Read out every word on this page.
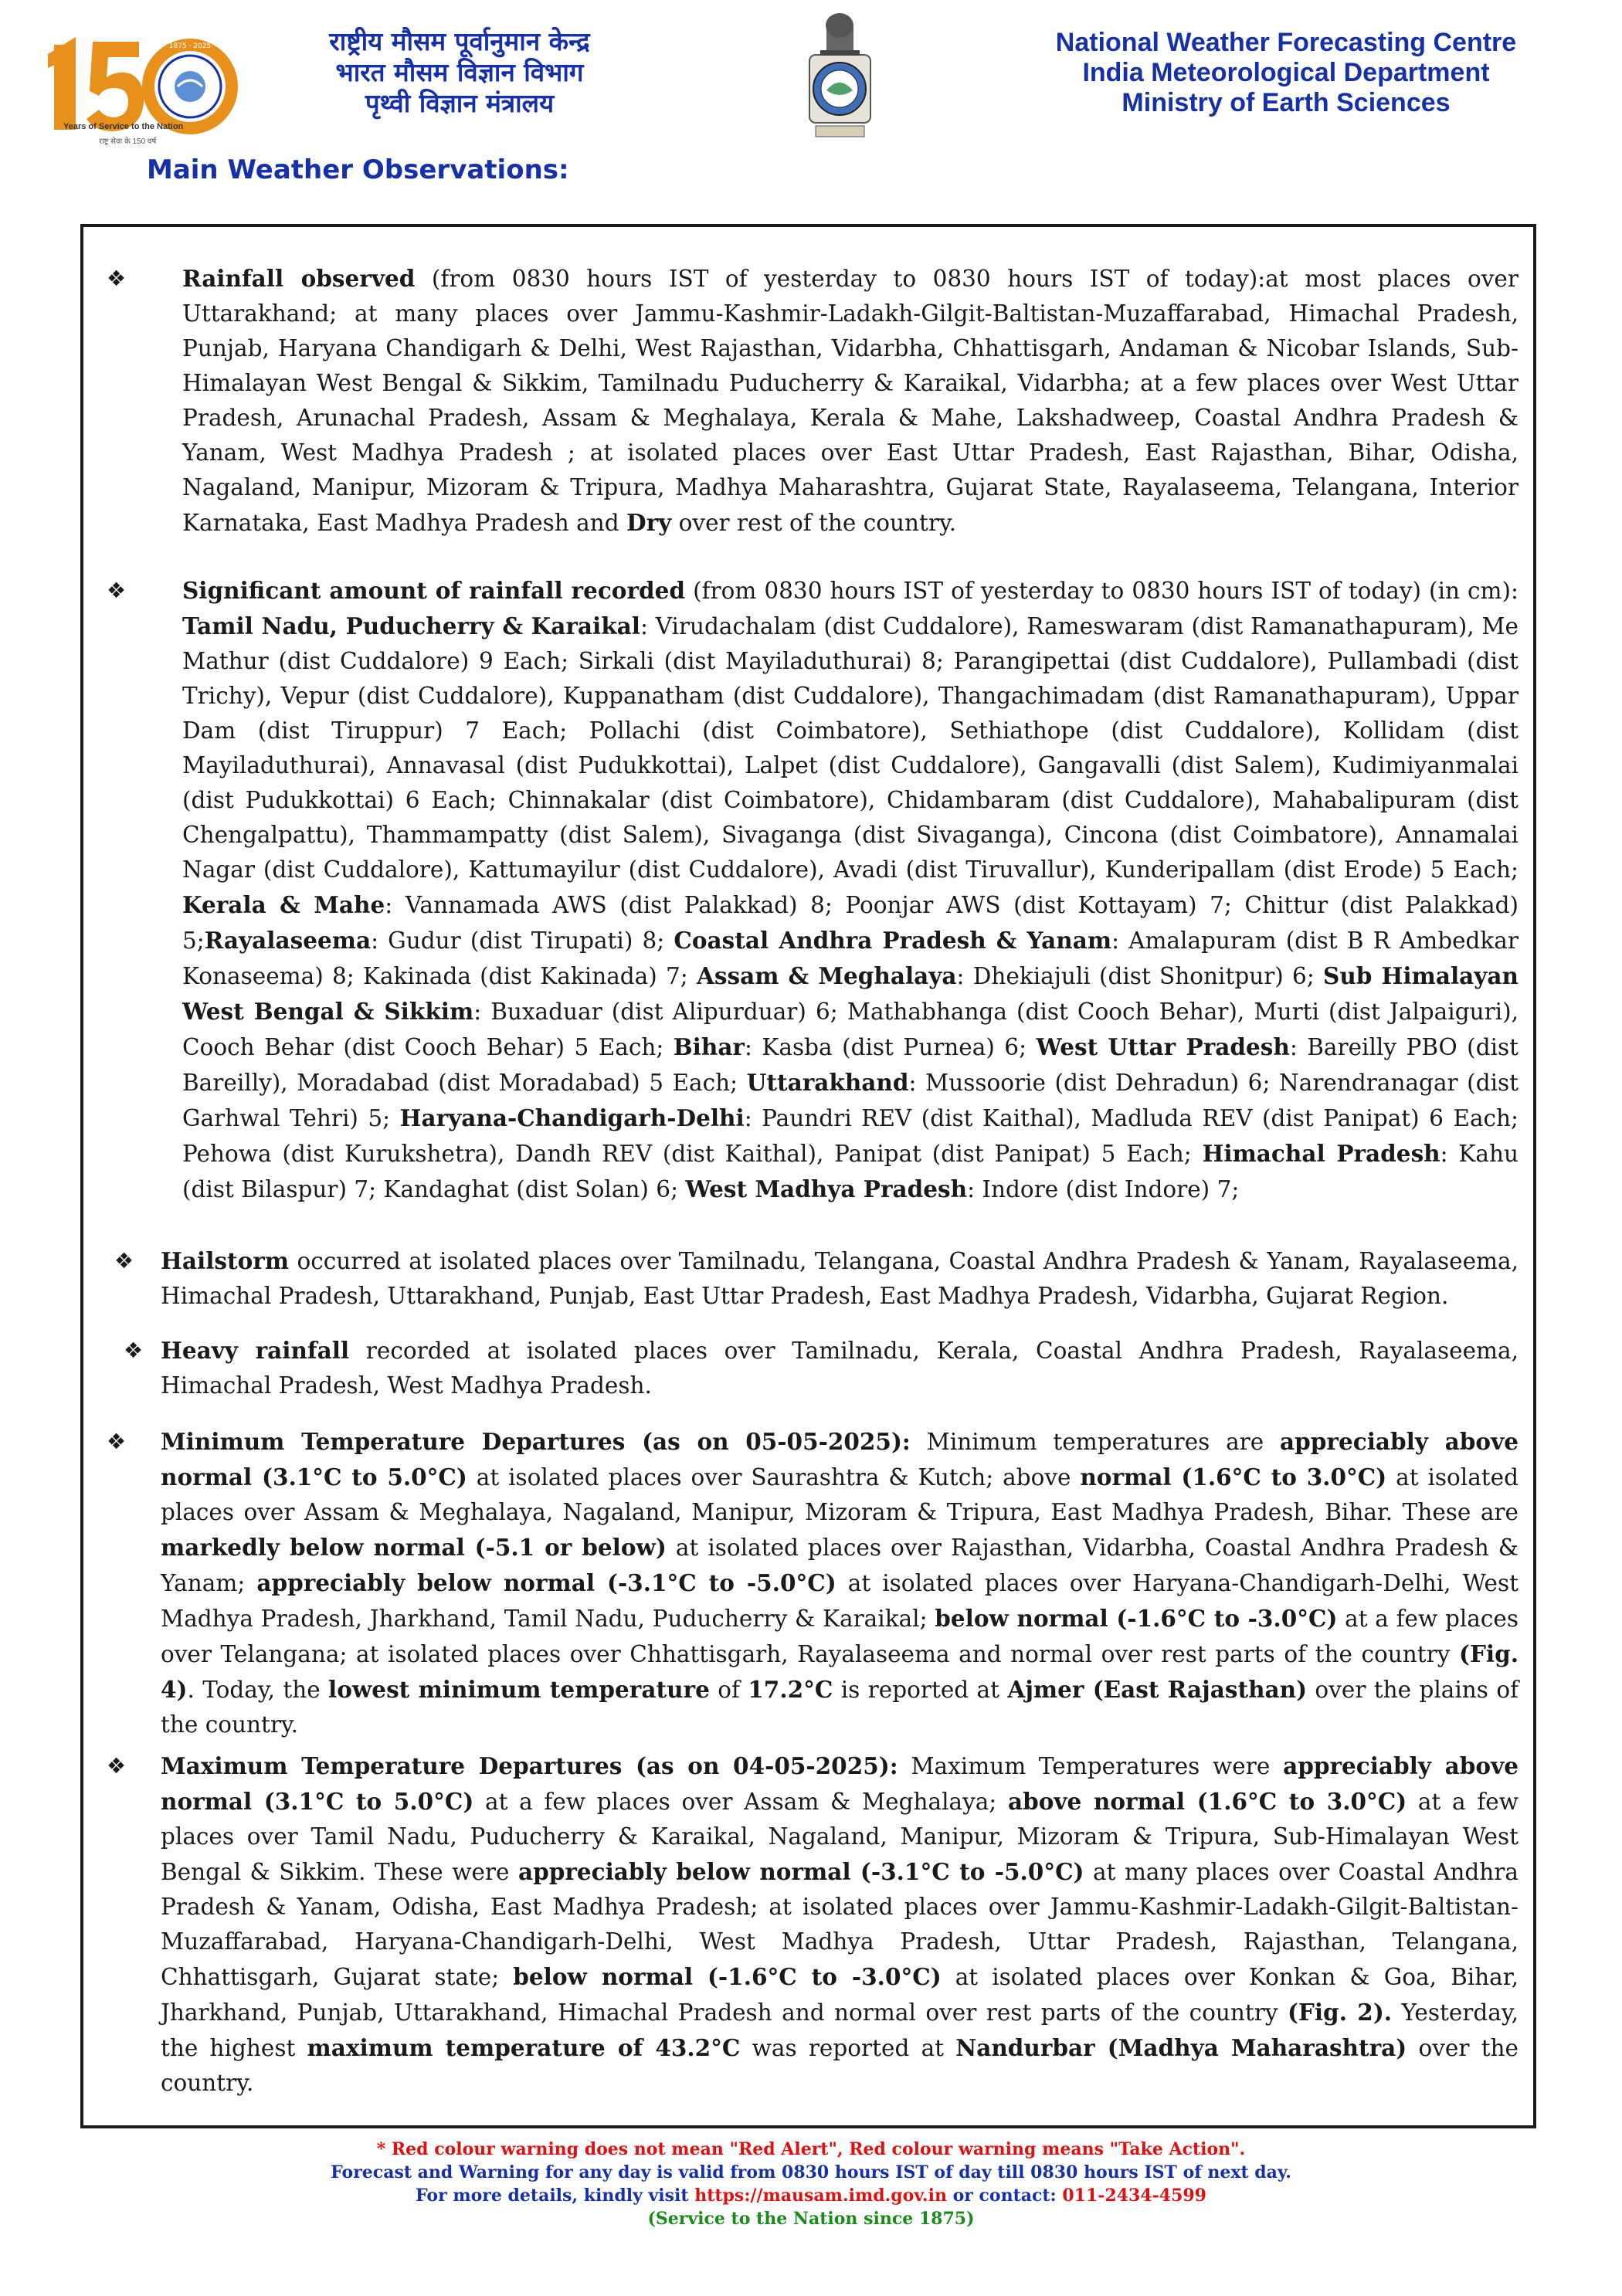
1875 · 2025
Years of Service to the Nation
राष्ट्र सेवा के 150 वर्ष
राष्ट्रीय मौसम पूर्वानुमान केन्द्र
भारत मौसम विज्ञान विभाग
पृथ्वी विज्ञान मंत्रालय
National Weather Forecasting Centre
India Meteorological Department
Ministry of Earth Sciences
Main Weather Observations:
❖ Rainfall observed (from 0830 hours IST of yesterday to 0830 hours IST of today):at most places over Uttarakhand; at many places over Jammu-Kashmir-Ladakh-Gilgit-Baltistan-Muzaffarabad, Himachal Pradesh, Punjab, Haryana Chandigarh & Delhi, West Rajasthan, Vidarbha, Chhattisgarh, Andaman & Nicobar Islands, Sub-Himalayan West Bengal & Sikkim, Tamilnadu Puducherry & Karaikal, Vidarbha; at a few places over West Uttar Pradesh, Arunachal Pradesh, Assam & Meghalaya, Kerala & Mahe, Lakshadweep, Coastal Andhra Pradesh & Yanam, West Madhya Pradesh ; at isolated places over East Uttar Pradesh, East Rajasthan, Bihar, Odisha, Nagaland, Manipur, Mizoram & Tripura, Madhya Maharashtra, Gujarat State, Rayalaseema, Telangana, Interior Karnataka, East Madhya Pradesh and Dry over rest of the country.
❖ Significant amount of rainfall recorded (from 0830 hours IST of yesterday to 0830 hours IST of today) (in cm): Tamil Nadu, Puducherry & Karaikal: Virudachalam (dist Cuddalore), Rameswaram (dist Ramanathapuram), Me Mathur (dist Cuddalore) 9 Each; Sirkali (dist Mayiladuthurai) 8; Parangipettai (dist Cuddalore), Pullambadi (dist Trichy), Vepur (dist Cuddalore), Kuppanatham (dist Cuddalore), Thangachimadam (dist Ramanathapuram), Uppar Dam (dist Tiruppur) 7 Each; Pollachi (dist Coimbatore), Sethiathope (dist Cuddalore), Kollidam (dist Mayiladuthurai), Annavasal (dist Pudukkottai), Lalpet (dist Cuddalore), Gangavalli (dist Salem), Kudimiyanmalai (dist Pudukkottai) 6 Each; Chinnakalar (dist Coimbatore), Chidambaram (dist Cuddalore), Mahabalipuram (dist Chengalpattu), Thammampatty (dist Salem), Sivaganga (dist Sivaganga), Cincona (dist Coimbatore), Annamalai Nagar (dist Cuddalore), Kattumayilur (dist Cuddalore), Avadi (dist Tiruvallur), Kunderipallam (dist Erode) 5 Each; Kerala & Mahe: Vannamada AWS (dist Palakkad) 8; Poonjar AWS (dist Kottayam) 7; Chittur (dist Palakkad) 5;Rayalaseema: Gudur (dist Tirupati) 8; Coastal Andhra Pradesh & Yanam: Amalapuram (dist B R Ambedkar Konaseema) 8; Kakinada (dist Kakinada) 7; Assam & Meghalaya: Dhekiajuli (dist Shonitpur) 6; Sub Himalayan West Bengal & Sikkim: Buxaduar (dist Alipurduar) 6; Mathabhanga (dist Cooch Behar), Murti (dist Jalpaiguri), Cooch Behar (dist Cooch Behar) 5 Each; Bihar: Kasba (dist Purnea) 6; West Uttar Pradesh: Bareilly PBO (dist Bareilly), Moradabad (dist Moradabad) 5 Each; Uttarakhand: Mussoorie (dist Dehradun) 6; Narendranagar (dist Garhwal Tehri) 5; Haryana-Chandigarh-Delhi: Paundri REV (dist Kaithal), Madluda REV (dist Panipat) 6 Each; Pehowa (dist Kurukshetra), Dandh REV (dist Kaithal), Panipat (dist Panipat) 5 Each; Himachal Pradesh: Kahu (dist Bilaspur) 7; Kandaghat (dist Solan) 6; West Madhya Pradesh: Indore (dist Indore) 7;
❖ Hailstorm occurred at isolated places over Tamilnadu, Telangana, Coastal Andhra Pradesh & Yanam, Rayalaseema, Himachal Pradesh, Uttarakhand, Punjab, East Uttar Pradesh, East Madhya Pradesh, Vidarbha, Gujarat Region.
❖ Heavy rainfall recorded at isolated places over Tamilnadu, Kerala, Coastal Andhra Pradesh, Rayalaseema, Himachal Pradesh, West Madhya Pradesh.
❖ Minimum Temperature Departures (as on 05-05-2025): Minimum temperatures are appreciably above normal (3.1°C to 5.0°C) at isolated places over Saurashtra & Kutch; above normal (1.6°C to 3.0°C) at isolated places over Assam & Meghalaya, Nagaland, Manipur, Mizoram & Tripura, East Madhya Pradesh, Bihar. These are markedly below normal (-5.1 or below) at isolated places over Rajasthan, Vidarbha, Coastal Andhra Pradesh & Yanam; appreciably below normal (-3.1°C to -5.0°C) at isolated places over Haryana-Chandigarh-Delhi, West Madhya Pradesh, Jharkhand, Tamil Nadu, Puducherry & Karaikal; below normal (-1.6°C to -3.0°C) at a few places over Telangana; at isolated places over Chhattisgarh, Rayalaseema and normal over rest parts of the country (Fig. 4). Today, the lowest minimum temperature of 17.2°C is reported at Ajmer (East Rajasthan) over the plains of the country.
❖ Maximum Temperature Departures (as on 04-05-2025): Maximum Temperatures were appreciably above normal (3.1°C to 5.0°C) at a few places over Assam & Meghalaya; above normal (1.6°C to 3.0°C) at a few places over Tamil Nadu, Puducherry & Karaikal, Nagaland, Manipur, Mizoram & Tripura, Sub-Himalayan West Bengal & Sikkim. These were appreciably below normal (-3.1°C to -5.0°C) at many places over Coastal Andhra Pradesh & Yanam, Odisha, East Madhya Pradesh; at isolated places over Jammu-Kashmir-Ladakh-Gilgit-Baltistan-Muzaffarabad, Haryana-Chandigarh-Delhi, West Madhya Pradesh, Uttar Pradesh, Rajasthan, Telangana, Chhattisgarh, Gujarat state; below normal (-1.6°C to -3.0°C) at isolated places over Konkan & Goa, Bihar, Jharkhand, Punjab, Uttarakhand, Himachal Pradesh and normal over rest parts of the country (Fig. 2). Yesterday, the highest maximum temperature of 43.2°C was reported at Nandurbar (Madhya Maharashtra) over the country.
* Red colour warning does not mean "Red Alert", Red colour warning means "Take Action".
Forecast and Warning for any day is valid from 0830 hours IST of day till 0830 hours IST of next day.
For more details, kindly visit https://mausam.imd.gov.in or contact: 011-2434-4599
(Service to the Nation since 1875)
